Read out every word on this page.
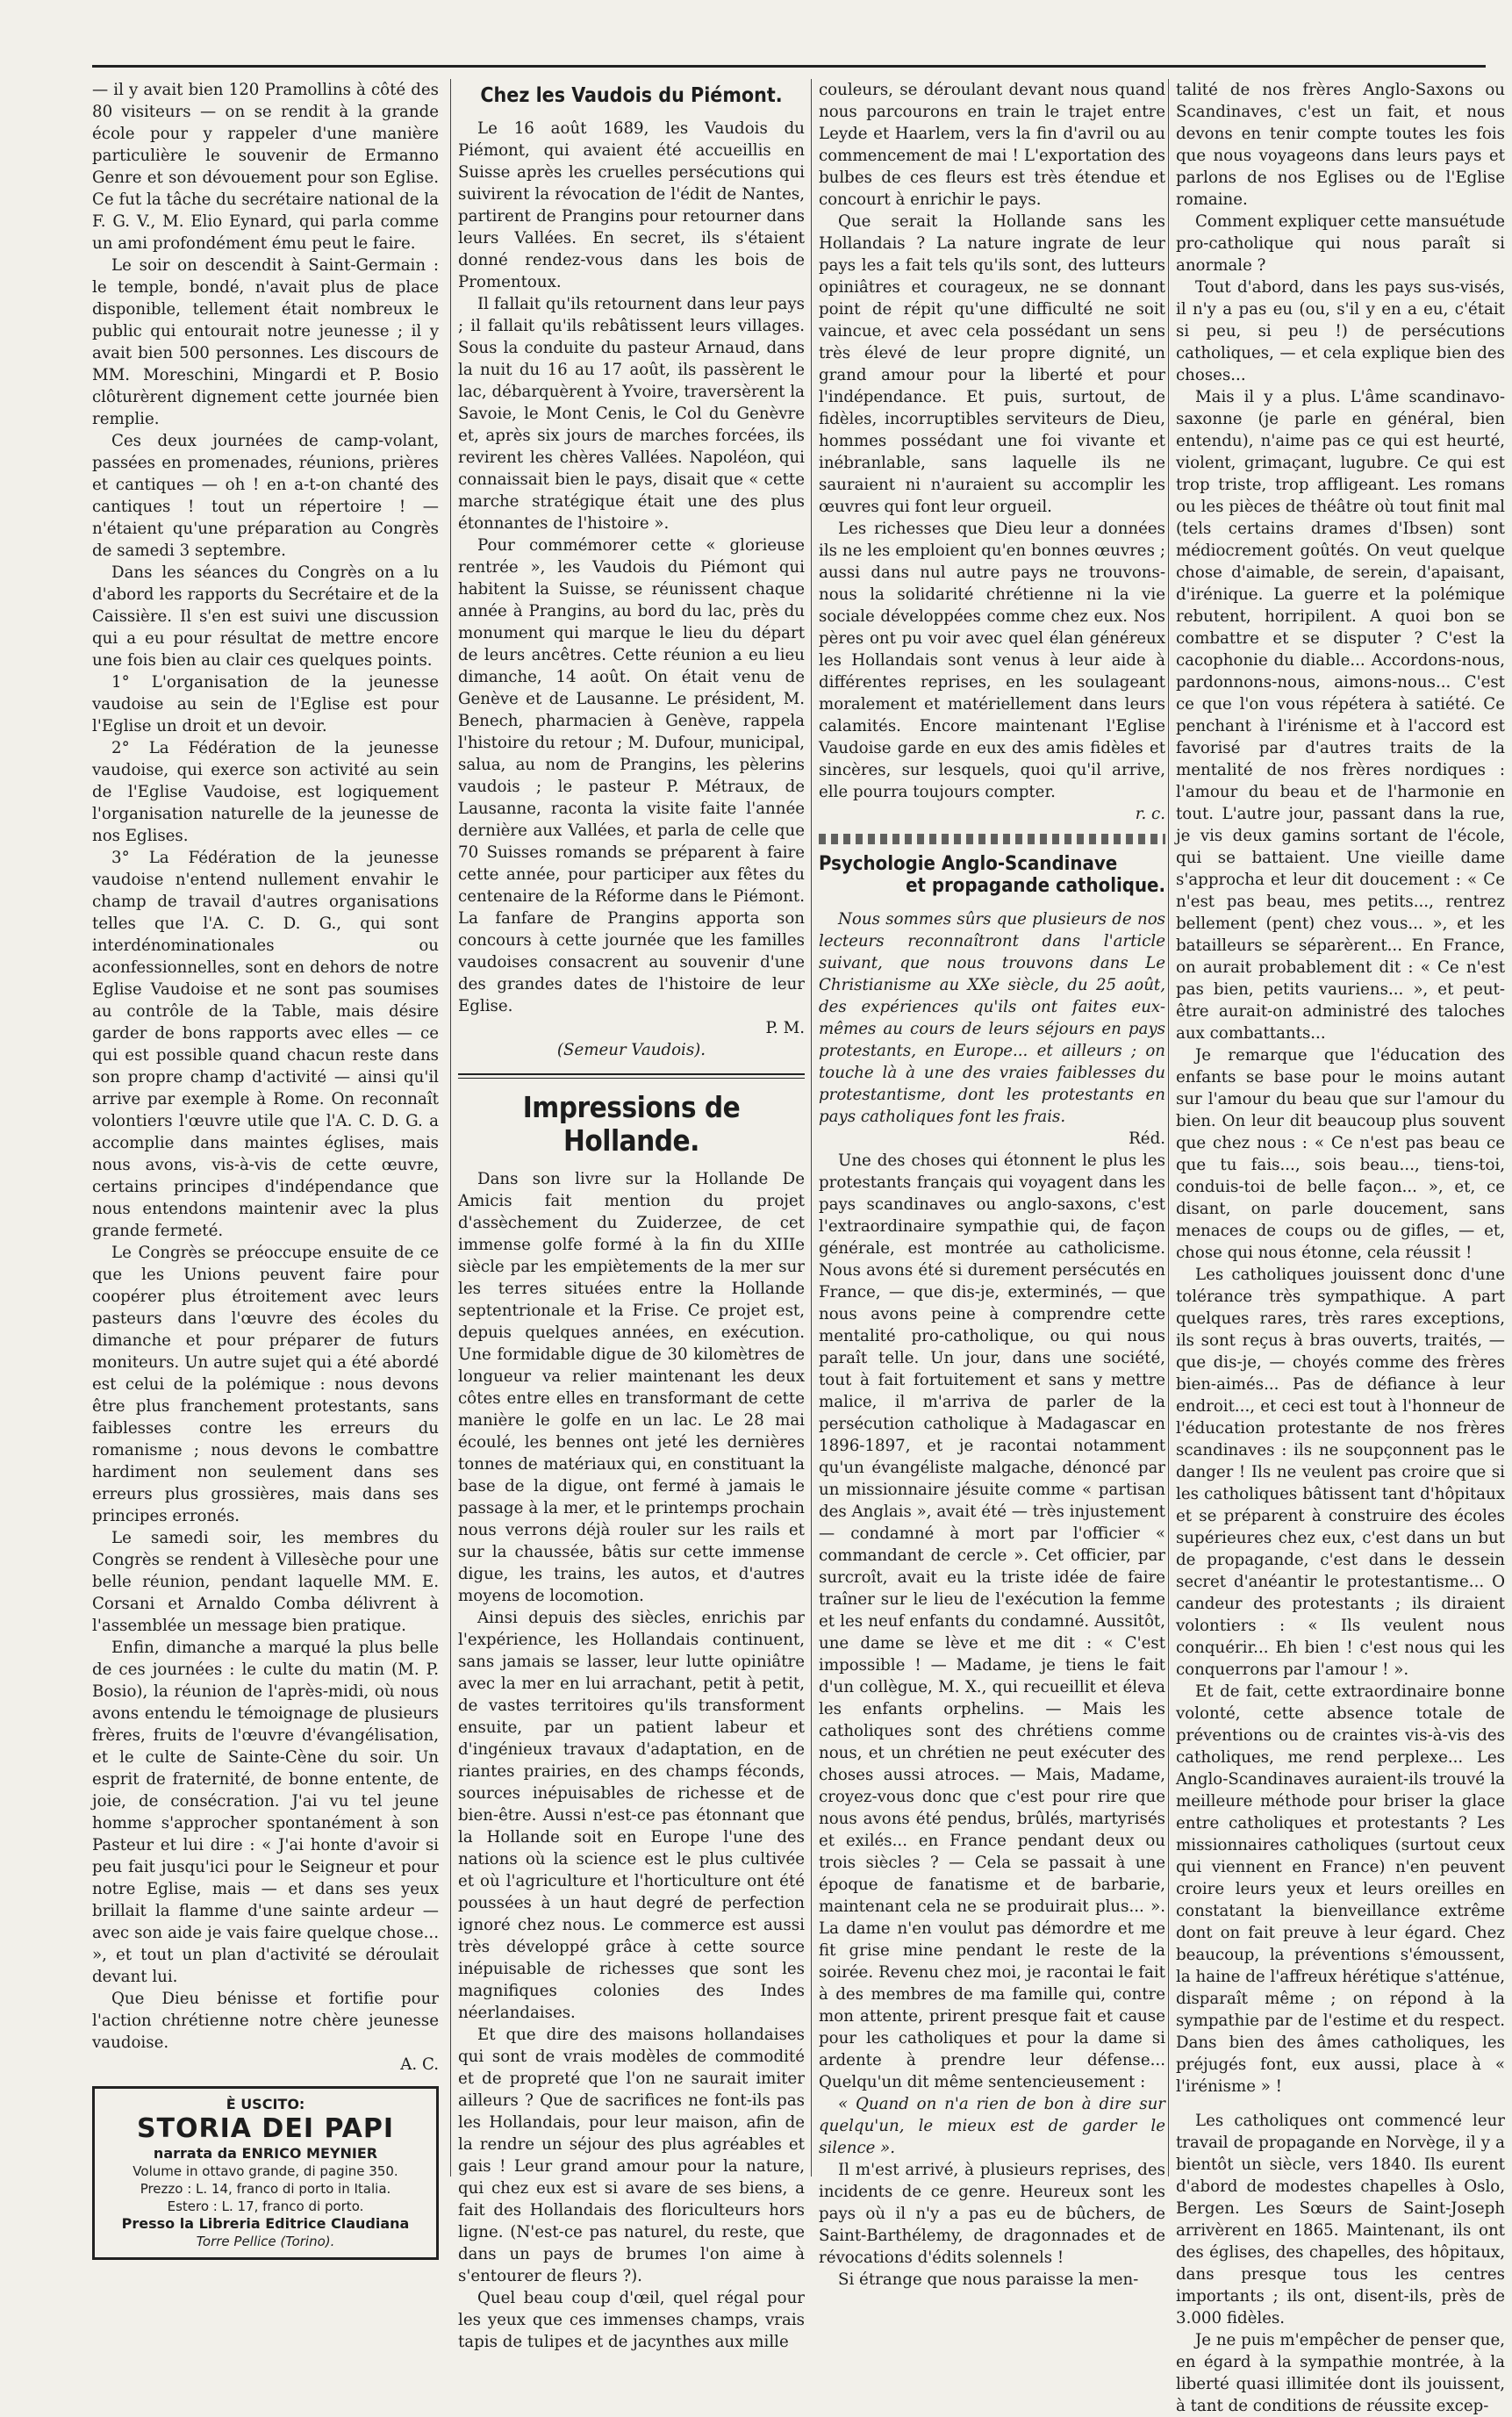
— il y avait bien 120 Pramollins à côté des 80 visiteurs — on se rendit à la grande école pour y rappeler d'une manière particulière le souvenir de Ermanno Genre et son dévouement pour son Eglise. Ce fut la tâche du secrétaire national de la F. G. V., M. Elio Eynard, qui parla comme un ami profondément ému peut le faire.

Le soir on descendit à Saint-Germain : le temple, bondé, n'avait plus de place disponible, tellement était nombreux le public qui entourait notre jeunesse ; il y avait bien 500 personnes. Les discours de MM. Moreschini, Mingardi et P. Bosio clôturèrent dignement cette journée bien remplie.

Ces deux journées de camp-volant, passées en promenades, réunions, prières et cantiques — oh ! en a-t-on chanté des cantiques ! tout un répertoire ! — n'étaient qu'une préparation au Congrès de samedi 3 septembre.

Dans les séances du Congrès on a lu d'abord les rapports du Secrétaire et de la Caissière. Il s'en est suivi une discussion qui a eu pour résultat de mettre encore une fois bien au clair ces quelques points.

1° L'organisation de la jeunesse vaudoise au sein de l'Eglise est pour l'Eglise un droit et un devoir.

2° La Fédération de la jeunesse vaudoise, qui exerce son activité au sein de l'Eglise Vaudoise, est logiquement l'organisation naturelle de la jeunesse de nos Eglises.

3° La Fédération de la jeunesse vaudoise n'entend nullement envahir le champ de travail d'autres organisations telles que l'A. C. D. G., qui sont interdénominationales ou aconfessionnelles, sont en dehors de notre Eglise Vaudoise et ne sont pas soumises au contrôle de la Table, mais désire garder de bons rapports avec elles — ce qui est possible quand chacun reste dans son propre champ d'activité — ainsi qu'il arrive par exemple à Rome. On reconnaît volontiers l'œuvre utile que l'A. C. D. G. a accomplie dans maintes églises, mais nous avons, vis-à-vis de cette œuvre, certains principes d'indépendance que nous entendons maintenir avec la plus grande fermeté.

Le Congrès se préoccupe ensuite de ce que les Unions peuvent faire pour coopérer plus étroitement avec leurs pasteurs dans l'œuvre des écoles du dimanche et pour préparer de futurs moniteurs. Un autre sujet qui a été abordé est celui de la polémique : nous devons être plus franchement protestants, sans faiblesses contre les erreurs du romanisme ; nous devons le combattre hardiment non seulement dans ses erreurs plus grossières, mais dans ses principes erronés.

Le samedi soir, les membres du Congrès se rendent à Villesèche pour une belle réunion, pendant laquelle MM. E. Corsani et Arnaldo Comba délivrent à l'assemblée un message bien pratique.

Enfin, dimanche a marqué la plus belle de ces journées : le culte du matin (M. P. Bosio), la réunion de l'après-midi, où nous avons entendu le témoignage de plusieurs frères, fruits de l'œuvre d'évangélisation, et le culte de Sainte-Cène du soir. Un esprit de fraternité, de bonne entente, de joie, de consécration. J'ai vu tel jeune homme s'approcher spontanément à son Pasteur et lui dire : « J'ai honte d'avoir si peu fait jusqu'ici pour le Seigneur et pour notre Eglise, mais — et dans ses yeux brillait la flamme d'une sainte ardeur — avec son aide je vais faire quelque chose... », et tout un plan d'activité se déroulait devant lui.

Que Dieu bénisse et fortifie pour l'action chrétienne notre chère jeunesse vaudoise.

A. C.

È USCITO:
STORIA DEI PAPI
narrata da ENRICO MEYNIER
Volume in ottavo grande, di pagine 350.
Prezzo : L. 14, franco di porto in Italia.
Estero : L. 17, franco di porto.
Presso la Libreria Editrice Claudiana
Torre Pellice (Torino).
Chez les Vaudois du Piémont.

Le 16 août 1689, les Vaudois du Piémont, qui avaient été accueillis en Suisse après les cruelles persécutions qui suivirent la révocation de l'édit de Nantes, partirent de Prangins pour retourner dans leurs Vallées. En secret, ils s'étaient donné rendez-vous dans les bois de Promentoux.

Il fallait qu'ils retournent dans leur pays ; il fallait qu'ils rebâtissent leurs villages. Sous la conduite du pasteur Arnaud, dans la nuit du 16 au 17 août, ils passèrent le lac, débarquèrent à Yvoire, traversèrent la Savoie, le Mont Cenis, le Col du Genèvre et, après six jours de marches forcées, ils revirent les chères Vallées. Napoléon, qui connaissait bien le pays, disait que « cette marche stratégique était une des plus étonnantes de l'histoire ».

Pour commémorer cette « glorieuse rentrée », les Vaudois du Piémont qui habitent la Suisse, se réunissent chaque année à Prangins, au bord du lac, près du monument qui marque le lieu du départ de leurs ancêtres. Cette réunion a eu lieu dimanche, 14 août. On était venu de Genève et de Lausanne. Le président, M. Benech, pharmacien à Genève, rappela l'histoire du retour ; M. Dufour, municipal, salua, au nom de Prangins, les pèlerins vaudois ; le pasteur P. Métraux, de Lausanne, raconta la visite faite l'année dernière aux Vallées, et parla de celle que 70 Suisses romands se préparent à faire cette année, pour participer aux fêtes du centenaire de la Réforme dans le Piémont. La fanfare de Prangins apporta son concours à cette journée que les familles vaudoises consacrent au souvenir d'une des grandes dates de l'histoire de leur Eglise.

P. M.

(Semeur Vaudois).

Impressions de Hollande.

Dans son livre sur la Hollande De Amicis fait mention du projet d'assèchement du Zuiderzee, de cet immense golfe formé à la fin du XIIIe siècle par les empiètements de la mer sur les terres situées entre la Hollande septentrionale et la Frise. Ce projet est, depuis quelques années, en exécution. Une formidable digue de 30 kilomètres de longueur va relier maintenant les deux côtes entre elles en transformant de cette manière le golfe en un lac. Le 28 mai écoulé, les bennes ont jeté les dernières tonnes de matériaux qui, en constituant la base de la digue, ont fermé à jamais le passage à la mer, et le printemps prochain nous verrons déjà rouler sur les rails et sur la chaussée, bâtis sur cette immense digue, les trains, les autos, et d'autres moyens de locomotion.

Ainsi depuis des siècles, enrichis par l'expérience, les Hollandais continuent, sans jamais se lasser, leur lutte opiniâtre avec la mer en lui arrachant, petit à petit, de vastes territoires qu'ils transforment ensuite, par un patient labeur et d'ingénieux travaux d'adaptation, en de riantes prairies, en des champs féconds, sources inépuisables de richesse et de bien-être. Aussi n'est-ce pas étonnant que la Hollande soit en Europe l'une des nations où la science est le plus cultivée et où l'agriculture et l'horticulture ont été poussées à un haut degré de perfection ignoré chez nous. Le commerce est aussi très développé grâce à cette source inépuisable de richesses que sont les magnifiques colonies des Indes néerlandaises.

Et que dire des maisons hollandaises qui sont de vrais modèles de commodité et de propreté que l'on ne saurait imiter ailleurs ? Que de sacrifices ne font-ils pas les Hollandais, pour leur maison, afin de la rendre un séjour des plus agréables et gais ! Leur grand amour pour la nature, qui chez eux est si avare de ses biens, a fait des Hollandais des floriculteurs hors ligne. (N'est-ce pas naturel, du reste, que dans un pays de brumes l'on aime à s'entourer de fleurs ?).

Quel beau coup d'œil, quel régal pour les yeux que ces immenses champs, vrais tapis de tulipes et de jacynthes aux mille

couleurs, se déroulant devant nous quand nous parcourons en train le trajet entre Leyde et Haarlem, vers la fin d'avril ou au commencement de mai ! L'exportation des bulbes de ces fleurs est très étendue et concourt à enrichir le pays.

Que serait la Hollande sans les Hollandais ? La nature ingrate de leur pays les a fait tels qu'ils sont, des lutteurs opiniâtres et courageux, ne se donnant point de répit qu'une difficulté ne soit vaincue, et avec cela possédant un sens très élevé de leur propre dignité, un grand amour pour la liberté et pour l'indépendance. Et puis, surtout, de fidèles, incorruptibles serviteurs de Dieu, hommes possédant une foi vivante et inébranlable, sans laquelle ils ne sauraient ni n'auraient su accomplir les œuvres qui font leur orgueil.

Les richesses que Dieu leur a données ils ne les emploient qu'en bonnes œuvres ; aussi dans nul autre pays ne trouvons-nous la solidarité chrétienne ni la vie sociale développées comme chez eux. Nos pères ont pu voir avec quel élan généreux les Hollandais sont venus à leur aide à différentes reprises, en les soulageant moralement et matériellement dans leurs calamités. Encore maintenant l'Eglise Vaudoise garde en eux des amis fidèles et sincères, sur lesquels, quoi qu'il arrive, elle pourra toujours compter.

r. c.

Psychologie Anglo-Scandinave
et propagande catholique.

Nous sommes sûrs que plusieurs de nos lecteurs reconnaîtront dans l'article suivant, que nous trouvons dans Le Christianisme au XXe siècle, du 25 août, des expériences qu'ils ont faites eux-mêmes au cours de leurs séjours en pays protestants, en Europe... et ailleurs ; on touche là à une des vraies faiblesses du protestantisme, dont les protestants en pays catholiques font les frais.

Réd.

Une des choses qui étonnent le plus les protestants français qui voyagent dans les pays scandinaves ou anglo-saxons, c'est l'extraordinaire sympathie qui, de façon générale, est montrée au catholicisme. Nous avons été si durement persécutés en France, — que dis-je, exterminés, — que nous avons peine à comprendre cette mentalité pro-catholique, ou qui nous paraît telle. Un jour, dans une société, tout à fait fortuitement et sans y mettre malice, il m'arriva de parler de la persécution catholique à Madagascar en 1896-1897, et je racontai notamment qu'un évangéliste malgache, dénoncé par un missionnaire jésuite comme « partisan des Anglais », avait été — très injustement — condamné à mort par l'officier « commandant de cercle ». Cet officier, par surcroît, avait eu la triste idée de faire traîner sur le lieu de l'exécution la femme et les neuf enfants du condamné. Aussitôt, une dame se lève et me dit : « C'est impossible ! — Madame, je tiens le fait d'un collègue, M. X., qui recueillit et éleva les enfants orphelins. — Mais les catholiques sont des chrétiens comme nous, et un chrétien ne peut exécuter des choses aussi atroces. — Mais, Madame, croyez-vous donc que c'est pour rire que nous avons été pendus, brûlés, martyrisés et exilés... en France pendant deux ou trois siècles ? — Cela se passait à une époque de fanatisme et de barbarie, maintenant cela ne se produirait plus... ». La dame n'en voulut pas démordre et me fit grise mine pendant le reste de la soirée. Revenu chez moi, je racontai le fait à des membres de ma famille qui, contre mon attente, prirent presque fait et cause pour les catholiques et pour la dame si ardente à prendre leur défense... Quelqu'un dit même sentencieusement :

« Quand on n'a rien de bon à dire sur quelqu'un, le mieux est de garder le silence ».

Il m'est arrivé, à plusieurs reprises, des incidents de ce genre. Heureux sont les pays où il n'y a pas eu de bûchers, de Saint-Barthélemy, de dragonnades et de révocations d'édits solennels !

Si étrange que nous paraisse la men-

talité de nos frères Anglo-Saxons ou Scandinaves, c'est un fait, et nous devons en tenir compte toutes les fois que nous voyageons dans leurs pays et parlons de nos Eglises ou de l'Eglise romaine.

Comment expliquer cette mansuétude pro-catholique qui nous paraît si anormale ?

Tout d'abord, dans les pays sus-visés, il n'y a pas eu (ou, s'il y en a eu, c'était si peu, si peu !) de persécutions catholiques, — et cela explique bien des choses...

Mais il y a plus. L'âme scandinavo-saxonne (je parle en général, bien entendu), n'aime pas ce qui est heurté, violent, grimaçant, lugubre. Ce qui est trop triste, trop affligeant. Les romans ou les pièces de théâtre où tout finit mal (tels certains drames d'Ibsen) sont médiocrement goûtés. On veut quelque chose d'aimable, de serein, d'apaisant, d'irénique. La guerre et la polémique rebutent, horripilent. A quoi bon se combattre et se disputer ? C'est la cacophonie du diable... Accordons-nous, pardonnons-nous, aimons-nous... C'est ce que l'on vous répétera à satiété. Ce penchant à l'irénisme et à l'accord est favorisé par d'autres traits de la mentalité de nos frères nordiques : l'amour du beau et de l'harmonie en tout. L'autre jour, passant dans la rue, je vis deux gamins sortant de l'école, qui se battaient. Une vieille dame s'approcha et leur dit doucement : « Ce n'est pas beau, mes petits..., rentrez bellement (pent) chez vous... », et les batailleurs se séparèrent... En France, on aurait probablement dit : « Ce n'est pas bien, petits vauriens... », et peut-être aurait-on administré des taloches aux combattants...

Je remarque que l'éducation des enfants se base pour le moins autant sur l'amour du beau que sur l'amour du bien. On leur dit beaucoup plus souvent que chez nous : « Ce n'est pas beau ce que tu fais..., sois beau..., tiens-toi, conduis-toi de belle façon... », et, ce disant, on parle doucement, sans menaces de coups ou de gifles, — et, chose qui nous étonne, cela réussit !

Les catholiques jouissent donc d'une tolérance très sympathique. A part quelques rares, très rares exceptions, ils sont reçus à bras ouverts, traités, — que dis-je, — choyés comme des frères bien-aimés... Pas de défiance à leur endroit..., et ceci est tout à l'honneur de l'éducation protestante de nos frères scandinaves : ils ne soupçonnent pas le danger ! Ils ne veulent pas croire que si les catholiques bâtissent tant d'hôpitaux et se préparent à construire des écoles supérieures chez eux, c'est dans un but de propagande, c'est dans le dessein secret d'anéantir le protestantisme... O candeur des protestants ; ils diraient volontiers : « Ils veulent nous conquérir... Eh bien ! c'est nous qui les conquerrons par l'amour ! ».

Et de fait, cette extraordinaire bonne volonté, cette absence totale de préventions ou de craintes vis-à-vis des catholiques, me rend perplexe... Les Anglo-Scandinaves auraient-ils trouvé la meilleure méthode pour briser la glace entre catholiques et protestants ? Les missionnaires catholiques (surtout ceux qui viennent en France) n'en peuvent croire leurs yeux et leurs oreilles en constatant la bienveillance extrême dont on fait preuve à leur égard. Chez beaucoup, la préventions s'émoussent, la haine de l'affreux hérétique s'atténue, disparaît même ; on répond à la sympathie par de l'estime et du respect. Dans bien des âmes catholiques, les préjugés font, eux aussi, place à « l'irénisme » !

Les catholiques ont commencé leur travail de propagande en Norvège, il y a bientôt un siècle, vers 1840. Ils eurent d'abord de modestes chapelles à Oslo, Bergen. Les Sœurs de Saint-Joseph arrivèrent en 1865. Maintenant, ils ont des églises, des chapelles, des hôpitaux, dans presque tous les centres importants ; ils ont, disent-ils, près de 3.000 fidèles.

Je ne puis m'empêcher de penser que, en égard à la sympathie montrée, à la liberté quasi illimitée dont ils jouissent, à tant de conditions de réussite excep-
